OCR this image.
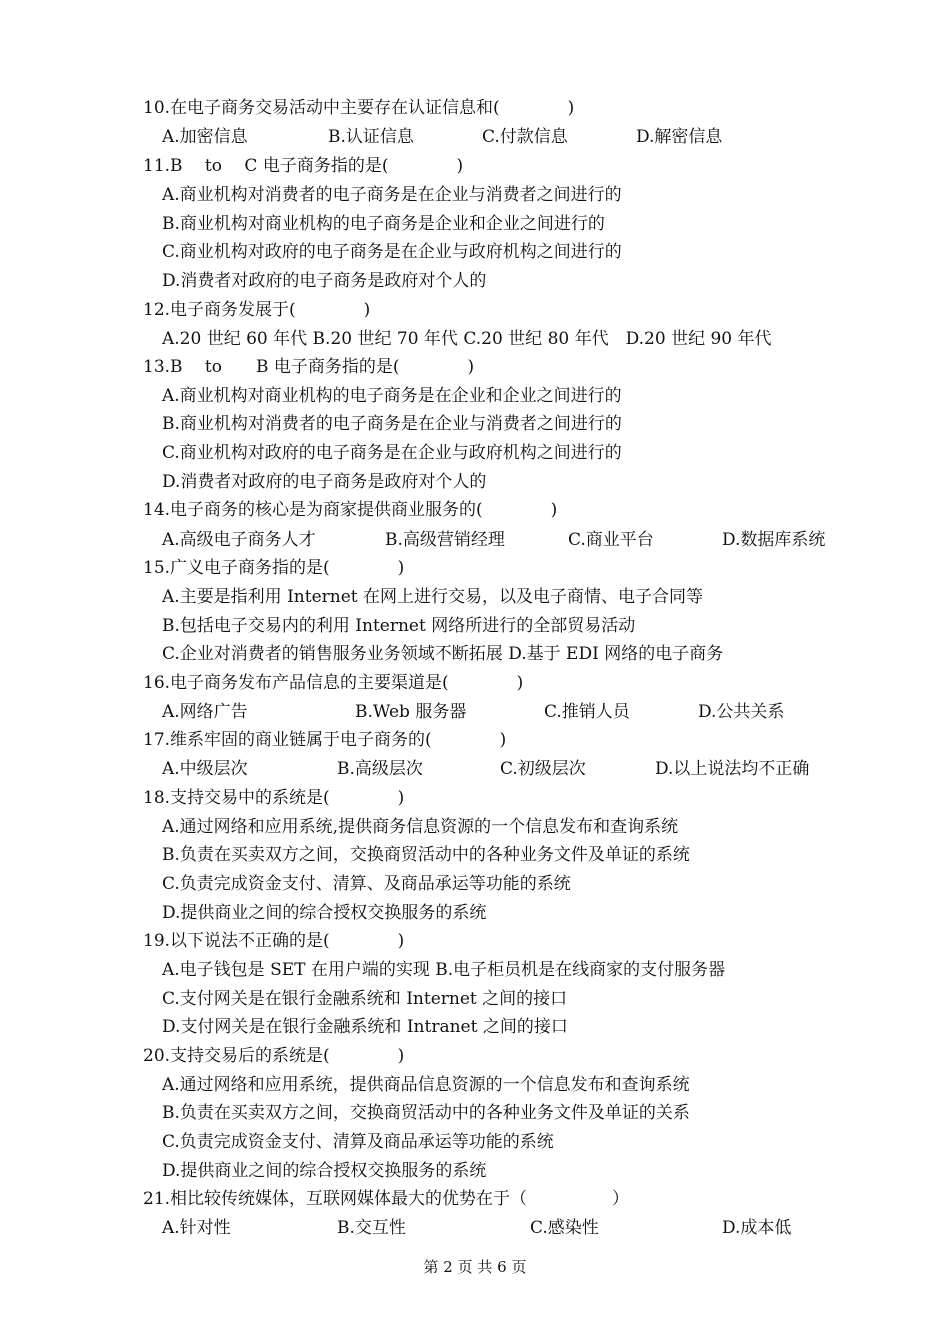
10.在电子商务交易活动中主要存在认证信息和(　　　　)
A.加密信息	B.认证信息	C.付款信息	D.解密信息
11.B　 to　 C 电子商务指的是(　　　　)
A.商业机构对消费者的电子商务是在企业与消费者之间进行的
B.商业机构对商业机构的电子商务是企业和企业之间进行的
C.商业机构对政府的电子商务是在企业与政府机构之间进行的
D.消费者对政府的电子商务是政府对个人的
12.电子商务发展于(　　　　)
A.20 世纪 60 年代 B.20 世纪 70 年代 C.20 世纪 80 年代　D.20 世纪 90 年代
13.B　 to　　B 电子商务指的是(　　　　)
A.商业机构对商业机构的电子商务是在企业和企业之间进行的
B.商业机构对消费者的电子商务是在企业与消费者之间进行的
C.商业机构对政府的电子商务是在企业与政府机构之间进行的
D.消费者对政府的电子商务是政府对个人的
14.电子商务的核心是为商家提供商业服务的(　　　　)
A.高级电子商务人才	B.高级营销经理	C.商业平台	D.数据库系统
15.广义电子商务指的是(　　　　)
A.主要是指利用 Internet 在网上进行交易，以及电子商情、电子合同等
B.包括电子交易内的利用 Internet 网络所进行的全部贸易活动
C.企业对消费者的销售服务业务领域不断拓展 D.基于 EDI 网络的电子商务
16.电子商务发布产品信息的主要渠道是(　　　　)
A.网络广告	B.Web 服务器	C.推销人员	D.公共关系
17.维系牢固的商业链属于电子商务的(　　　　)
A.中级层次	B.高级层次	C.初级层次	D.以上说法均不正确
18.支持交易中的系统是(　　　　)
A.通过网络和应用系统,提供商务信息资源的一个信息发布和查询系统
B.负责在买卖双方之间，交换商贸活动中的各种业务文件及单证的系统
C.负责完成资金支付、清算、及商品承运等功能的系统
D.提供商业之间的综合授权交换服务的系统
19.以下说法不正确的是(　　　　)
A.电子钱包是 SET 在用户端的实现 B.电子柜员机是在线商家的支付服务器
C.支付网关是在银行金融系统和 Internet 之间的接口
D.支付网关是在银行金融系统和 Intranet 之间的接口
20.支持交易后的系统是(　　　　)
A.通过网络和应用系统，提供商品信息资源的一个信息发布和查询系统
B.负责在买卖双方之间，交换商贸活动中的各种业务文件及单证的关系
C.负责完成资金支付、清算及商品承运等功能的系统
D.提供商业之间的综合授权交换服务的系统
21.相比较传统媒体，互联网媒体最大的优势在于（　　　　　）
A.针对性	B.交互性	C.感染性	D.成本低
第 2 页 共 6 页
